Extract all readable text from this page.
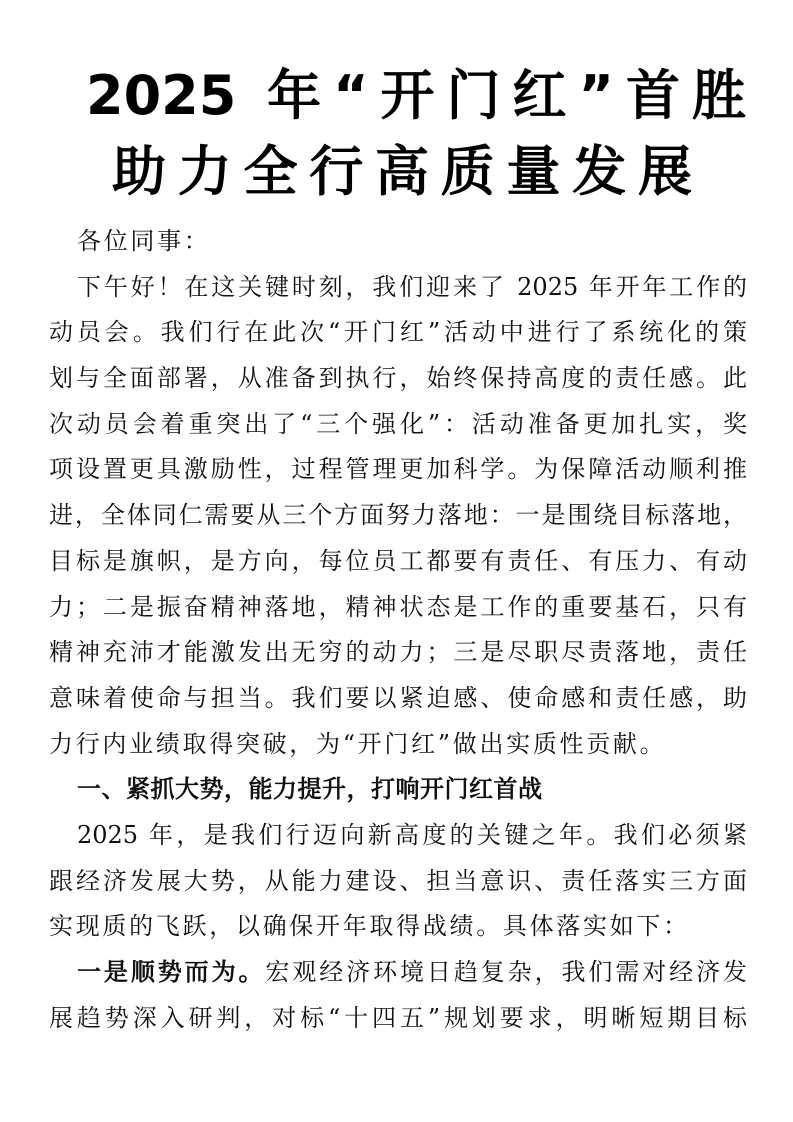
2025 年“开门红”首胜
助力全行高质量发展
各位同事：
下午好！在这关键时刻，我们迎来了 2025 年开年工作的
动员会。我们行在此次“开门红”活动中进行了系统化的策
划与全面部署，从准备到执行，始终保持高度的责任感。此
次动员会着重突出了“三个强化”：活动准备更加扎实，奖
项设置更具激励性，过程管理更加科学。为保障活动顺利推
进，全体同仁需要从三个方面努力落地：一是围绕目标落地，
目标是旗帜，是方向，每位员工都要有责任、有压力、有动
力；二是振奋精神落地，精神状态是工作的重要基石，只有
精神充沛才能激发出无穷的动力；三是尽职尽责落地，责任
意味着使命与担当。我们要以紧迫感、使命感和责任感，助
力行内业绩取得突破，为“开门红”做出实质性贡献。
一、紧抓大势，能力提升，打响开门红首战
2025 年，是我们行迈向新高度的关键之年。我们必须紧
跟经济发展大势，从能力建设、担当意识、责任落实三方面
实现质的飞跃，以确保开年取得战绩。具体落实如下：
一是顺势而为。宏观经济环境日趋复杂，我们需对经济发
展趋势深入研判，对标“十四五”规划要求，明晰短期目标
